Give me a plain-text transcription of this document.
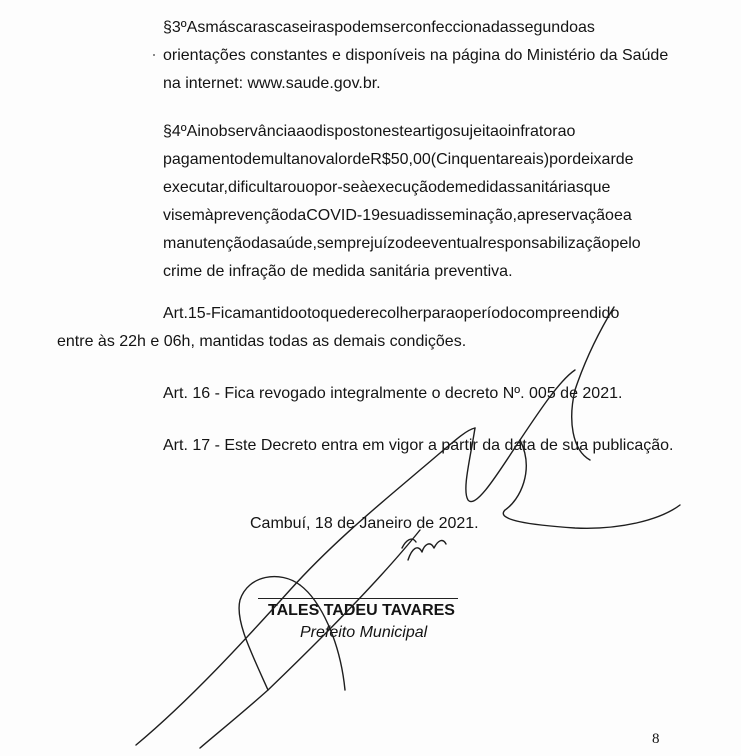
§3ºAsmáscarascaseiraspodemserconfeccionadassegundoas
orientações constantes e disponíveis na página do Ministério da Saúde
na internet: www.saude.gov.br.
§4ºAinobservânciaaodispostonesteartigosujeitaoinfratorao
pagamentodemultanovalordeR$50,00(Cinquentareais)pordeixarde
executar,dificultarouopor-seàexecuçãodemedidassanitáriasque
visemàprevençãodaCOVID-19esuadisseminação,apreservaçãoea
manutençãodasaúde,semprejuízodeeventualresponsabilizaçãopelo
crime de infração de medida sanitária preventiva.
Art.15-Ficamantidootoquederecolherparaoperíodocompreendido
entre às 22h e 06h, mantidas todas as demais condições.
Art. 16 - Fica revogado integralmente o decreto Nº. 005 de 2021.
Art. 17 - Este Decreto entra em vigor a partir da data de sua publicação.
Cambuí, 18 de Janeiro de 2021.
TALES TADEU TAVARES
Prefeito Municipal
8
